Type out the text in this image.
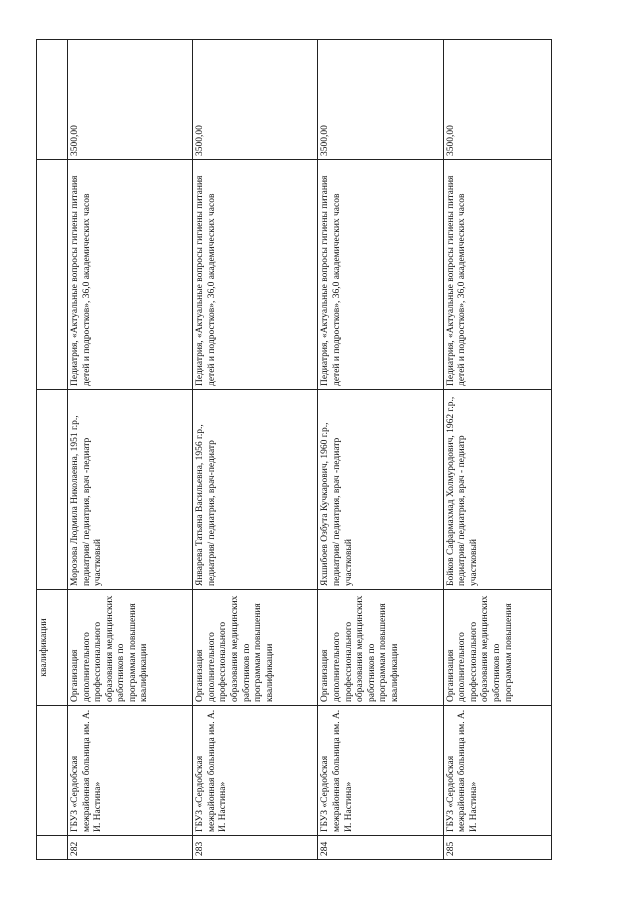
		квалификации			

282	ГБУЗ «Сердобская межрайонная больница им. А. И. Настина»	Организация дополнительного профессионального образования медицинских работников по программам повышения квалификации	Морозова Людмила Николаевна, 1951 г.р., педиатрия/ педиатрия, врач -педиатр участковый	Педиатрия, «Актуальные вопросы гигиены питания детей и подростков», 36,0 академических часов	3500,00
283	ГБУЗ «Сердобская межрайонная больница им. А. И. Настина»	Организация дополнительного профессионального образования медицинских работников по программам повышения квалификации	Январева Татьяна Васильевна, 1956 г.р., педиатрия/ педиатрия, врач-педиатр	Педиатрия, «Актуальные вопросы гигиены питания детей и подростков», 36,0 академических часов	3500,00
284	ГБУЗ «Сердобская межрайонная больница им. А. И. Настина»	Организация дополнительного профессионального образования медицинских работников по программам повышения квалификации	Яхшибоев Озбута Кучкарович, 1960 г.р., педиатрия/ педиатрия, врач -педиатр участковый	Педиатрия, «Актуальные вопросы гигиены питания детей и подростков», 36,0 академических часов	3500,00
285	ГБУЗ «Сердобская межрайонная больница им. А. И. Настина»	Организация дополнительного профессионального образования медицинских работников по программам повышения	Бойков Сафармахмад Холмуродович, 1962 г.р., педиатрия/ педиатрия, врач - педиатр участковый	Педиатрия, «Актуальные вопросы гигиены питания детей и подростков», 36,0 академических часов	3500,00
